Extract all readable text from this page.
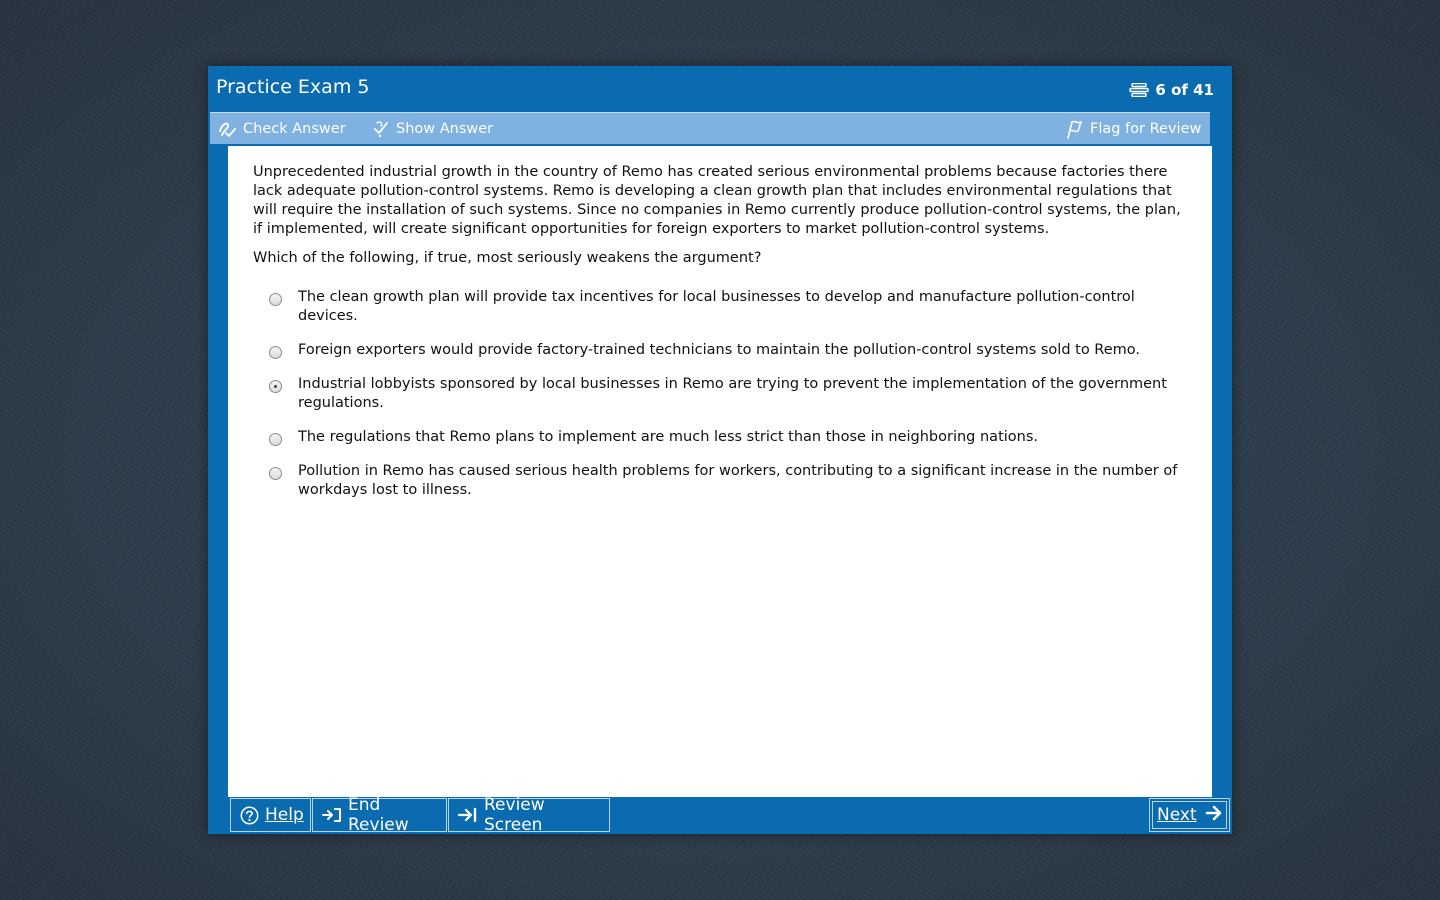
Practice Exam 5	6 of 41
Check Answer	Show Answer	Flag for Review
Unprecedented industrial growth in the country of Remo has created serious environmental problems because factories there lack adequate pollution-control systems. Remo is developing a clean growth plan that includes environmental regulations that will require the installation of such systems. Since no companies in Remo currently produce pollution-control systems, the plan, if implemented, will create significant opportunities for foreign exporters to market pollution-control systems.
Which of the following, if true, most seriously weakens the argument?
The clean growth plan will provide tax incentives for local businesses to develop and manufacture pollution-control devices.
Foreign exporters would provide factory-trained technicians to maintain the pollution-control systems sold to Remo.
Industrial lobbyists sponsored by local businesses in Remo are trying to prevent the implementation of the government regulations.
The regulations that Remo plans to implement are much less strict than those in neighboring nations.
Pollution in Remo has caused serious health problems for workers, contributing to a significant increase in the number of workdays lost to illness.
Help	End Review
Review Screen	Next
